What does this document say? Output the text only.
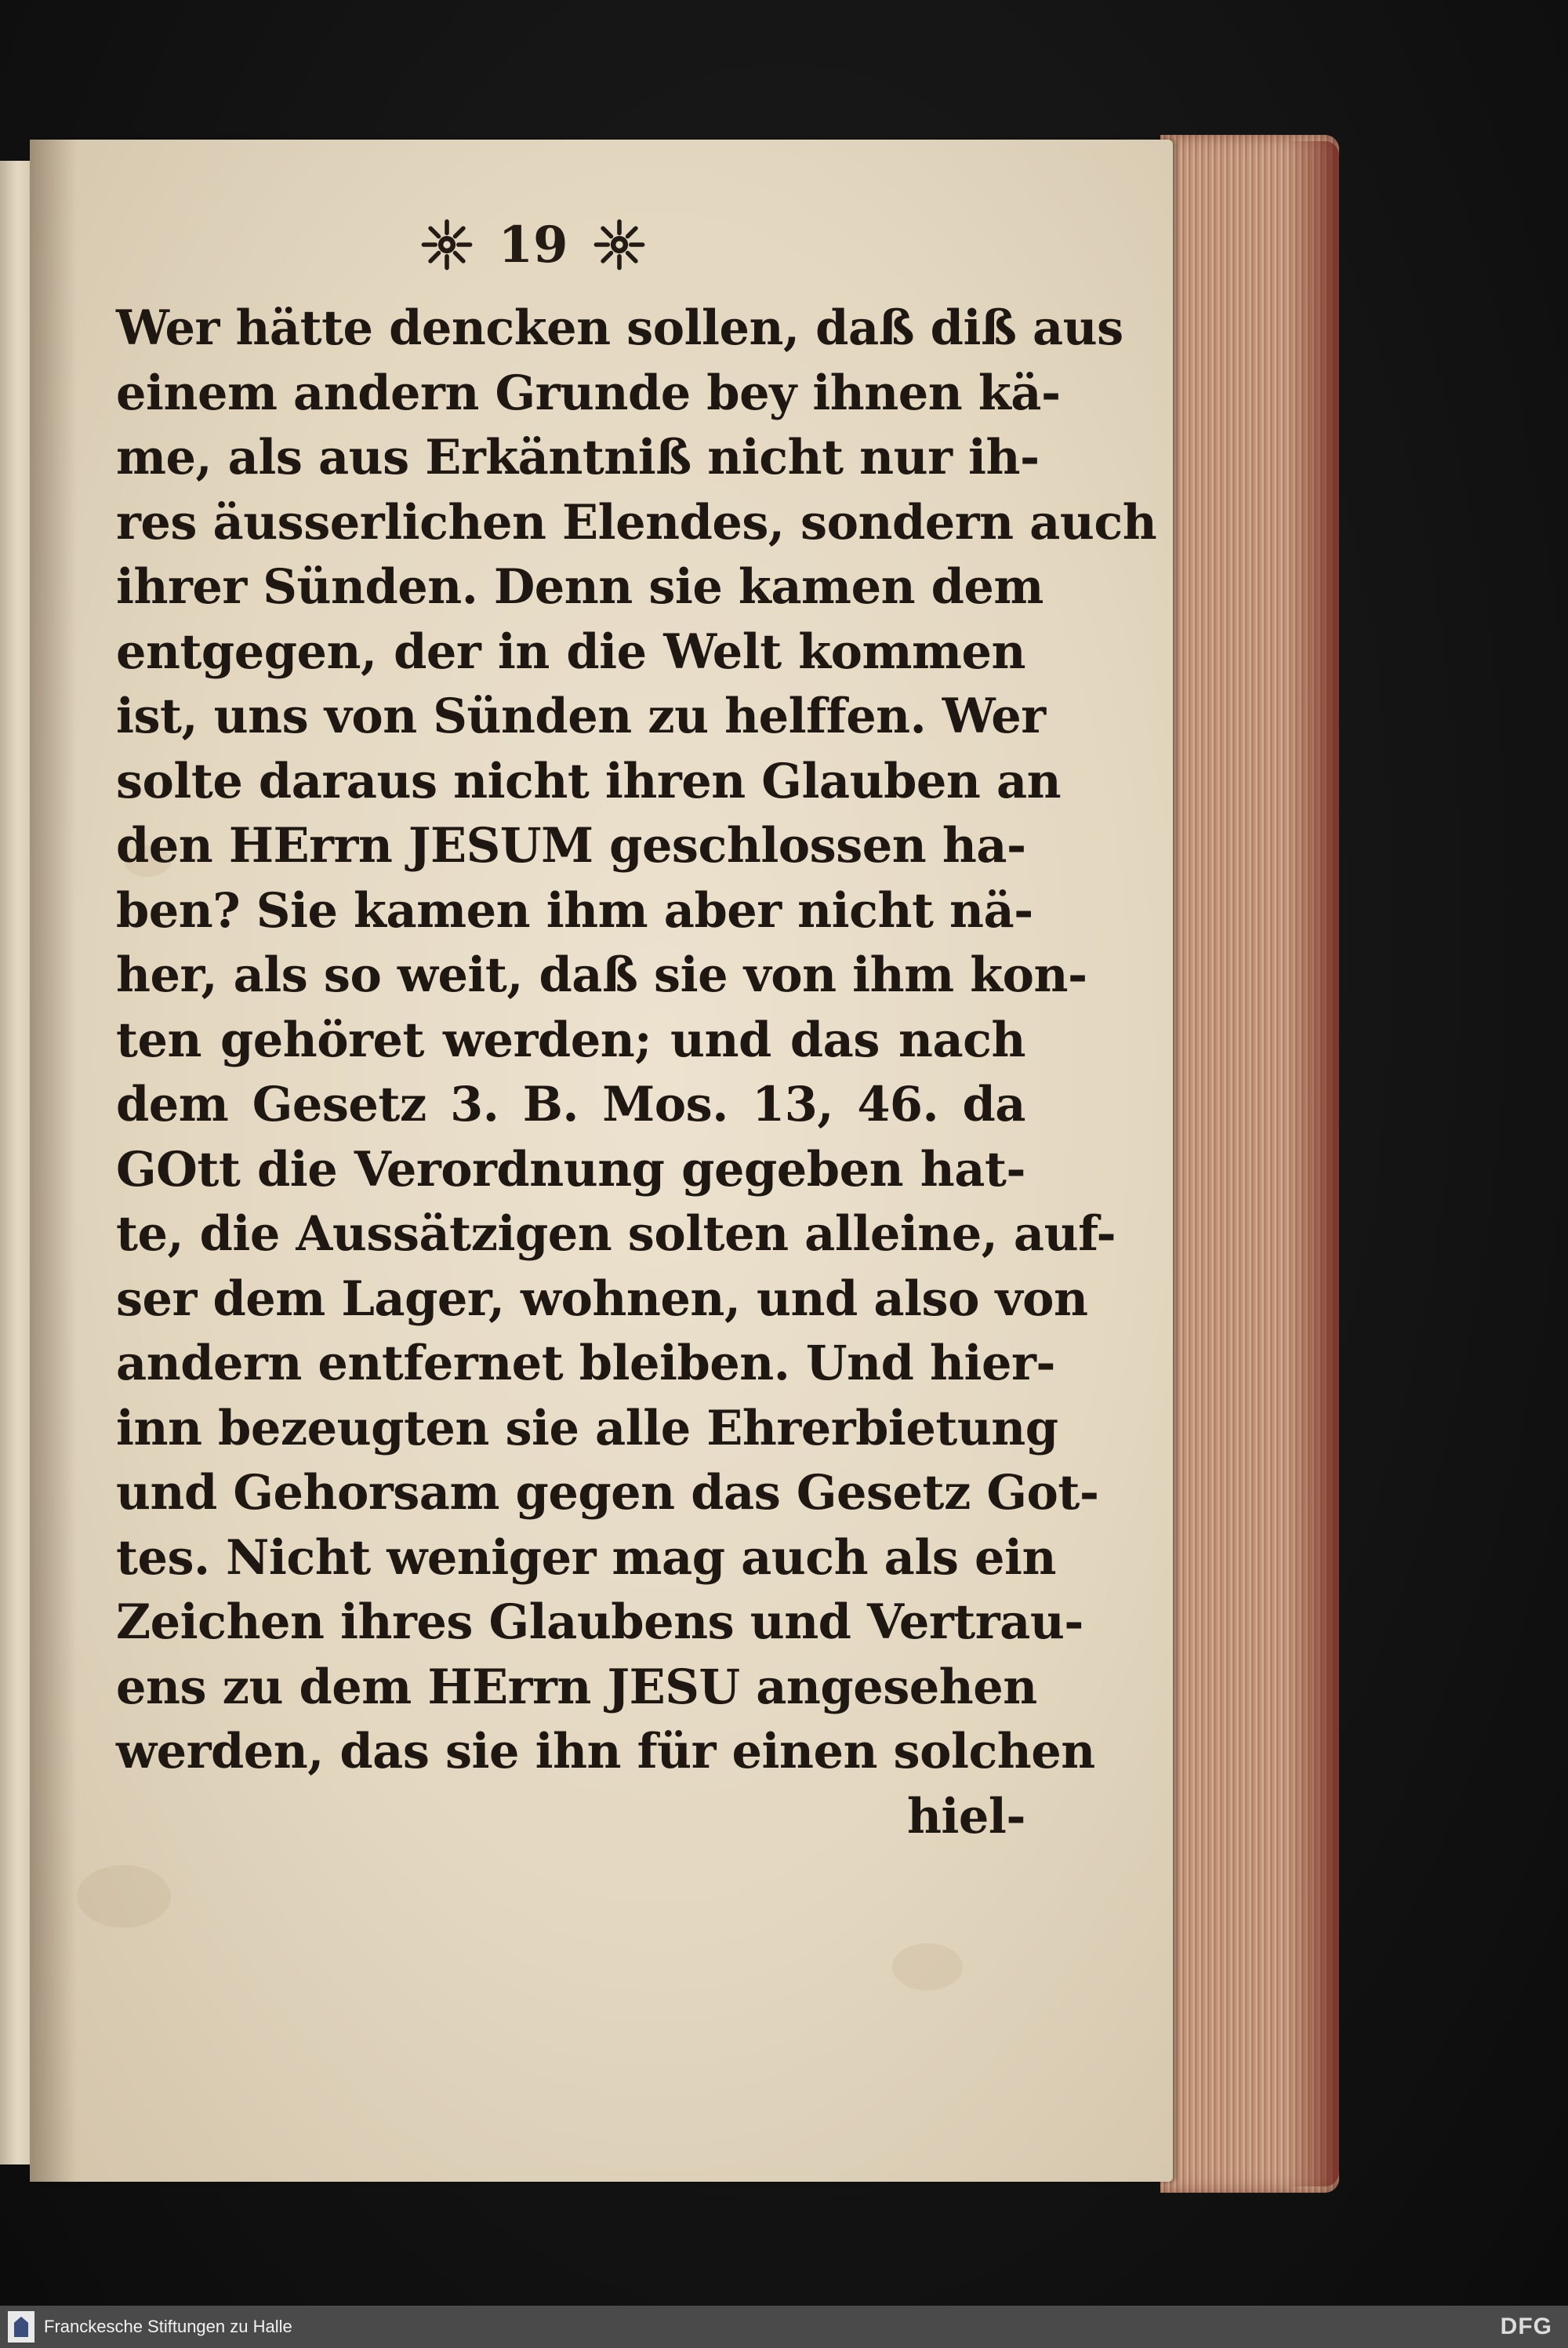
19
Wer hätte dencken sollen, daß diß aus
einem andern Grunde bey ihnen kä-
me, als aus Erkäntniß nicht nur ih-
res äusserlichen Elendes, sondern auch
ihrer Sünden. Denn sie kamen dem
entgegen, der in die Welt kommen
ist, uns von Sünden zu helffen. Wer
solte daraus nicht ihren Glauben an
den HErrn JESUM geschlossen ha-
ben? Sie kamen ihm aber nicht nä-
her, als so weit, daß sie von ihm kon-
ten gehöret werden; und das nach
dem Gesetz 3. B. Mos. 13, 46. da
GOtt die Verordnung gegeben hat-
te, die Aussätzigen solten alleine, auf-
ser dem Lager, wohnen, und also von
andern entfernet bleiben. Und hier-
inn bezeugten sie alle Ehrerbietung
und Gehorsam gegen das Gesetz Got-
tes. Nicht weniger mag auch als ein
Zeichen ihres Glaubens und Vertrau-
ens zu dem HErrn JESU angesehen
werden, das sie ihn für einen solchen
hiel-
Franckesche Stiftungen zu Halle	DFG
